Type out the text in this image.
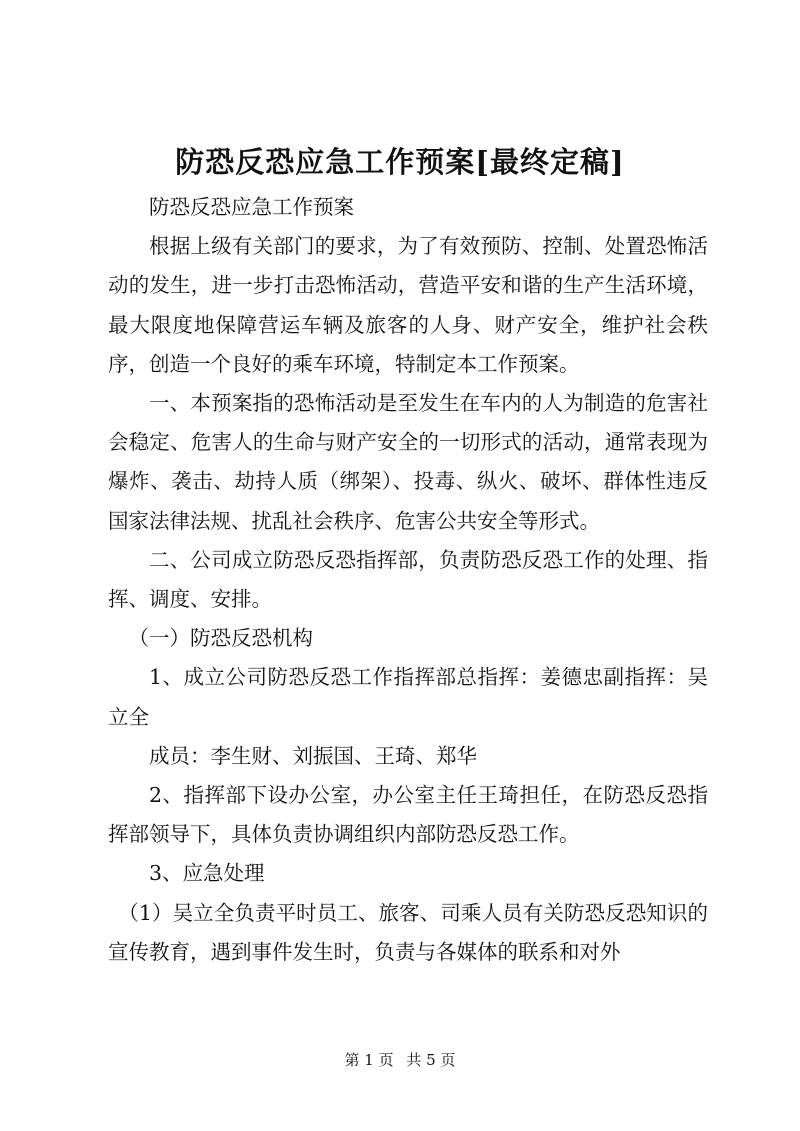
防恐反恐应急工作预案[最终定稿]

防恐反恐应急工作预案

根据上级有关部门的要求，为了有效预防、控制、处置恐怖活动的发生，进一步打击恐怖活动，营造平安和谐的生产生活环境，最大限度地保障营运车辆及旅客的人身、财产安全，维护社会秩序，创造一个良好的乘车环境，特制定本工作预案。

一、本预案指的恐怖活动是至发生在车内的人为制造的危害社会稳定、危害人的生命与财产安全的一切形式的活动，通常表现为爆炸、袭击、劫持人质（绑架）、投毒、纵火、破坏、群体性违反国家法律法规、扰乱社会秩序、危害公共安全等形式。

二、公司成立防恐反恐指挥部，负责防恐反恐工作的处理、指挥、调度、安排。

（一）防恐反恐机构

1、成立公司防恐反恐工作指挥部总指挥：姜德忠副指挥：吴立全

成员：李生财、刘振国、王琦、郑华

2、指挥部下设办公室，办公室主任王琦担任，在防恐反恐指挥部领导下，具体负责协调组织内部防恐反恐工作。

3、应急处理

（1）吴立全负责平时员工、旅客、司乘人员有关防恐反恐知识的宣传教育，遇到事件发生时，负责与各媒体的联系和对外

第 1 页 共 5 页
